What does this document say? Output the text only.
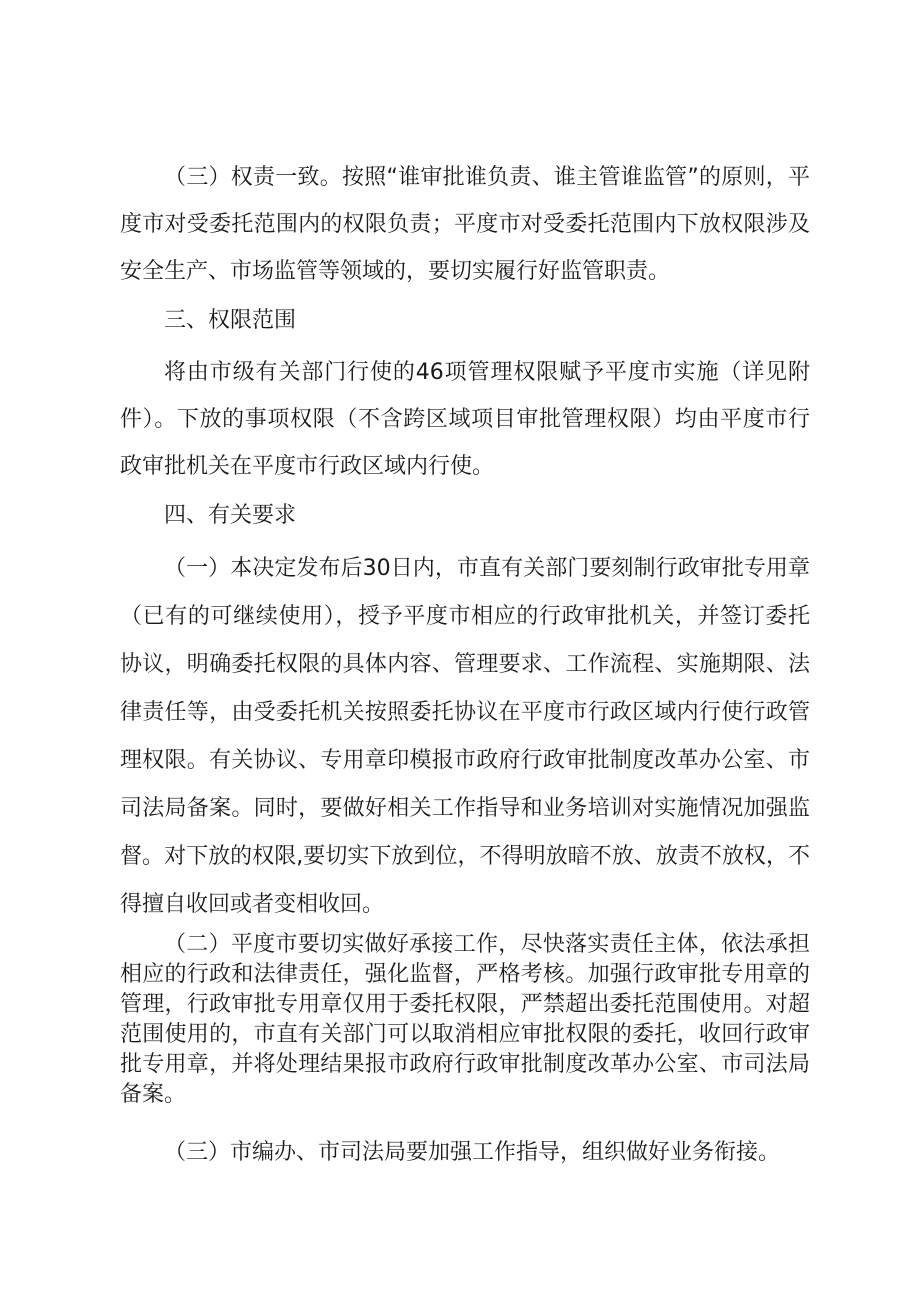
（三）权责一致。按照“谁审批谁负责、谁主管谁监管”的原则，平度市对受委托范围内的权限负责；平度市对受委托范围内下放权限涉及安全生产、市场监管等领域的，要切实履行好监管职责。

三、权限范围

将由市级有关部门行使的46项管理权限赋予平度市实施（详见附件）。下放的事项权限（不含跨区域项目审批管理权限）均由平度市行政审批机关在平度市行政区域内行使。

四、有关要求

（一）本决定发布后30日内，市直有关部门要刻制行政审批专用章（已有的可继续使用），授予平度市相应的行政审批机关，并签订委托协议，明确委托权限的具体内容、管理要求、工作流程、实施期限、法律责任等，由受委托机关按照委托协议在平度市行政区域内行使行政管理权限。有关协议、专用章印模报市政府行政审批制度改革办公室、市司法局备案。同时，要做好相关工作指导和业务培训对实施情况加强监督。对下放的权限,要切实下放到位，不得明放暗不放、放责不放权，不得擅自收回或者变相收回。

（二）平度市要切实做好承接工作，尽快落实责任主体，依法承担相应的行政和法律责任，强化监督，严格考核。加强行政审批专用章的管理，行政审批专用章仅用于委托权限，严禁超出委托范围使用。对超范围使用的，市直有关部门可以取消相应审批权限的委托，收回行政审批专用章，并将处理结果报市政府行政审批制度改革办公室、市司法局备案。

（三）市编办、市司法局要加强工作指导，组织做好业务衔接。
